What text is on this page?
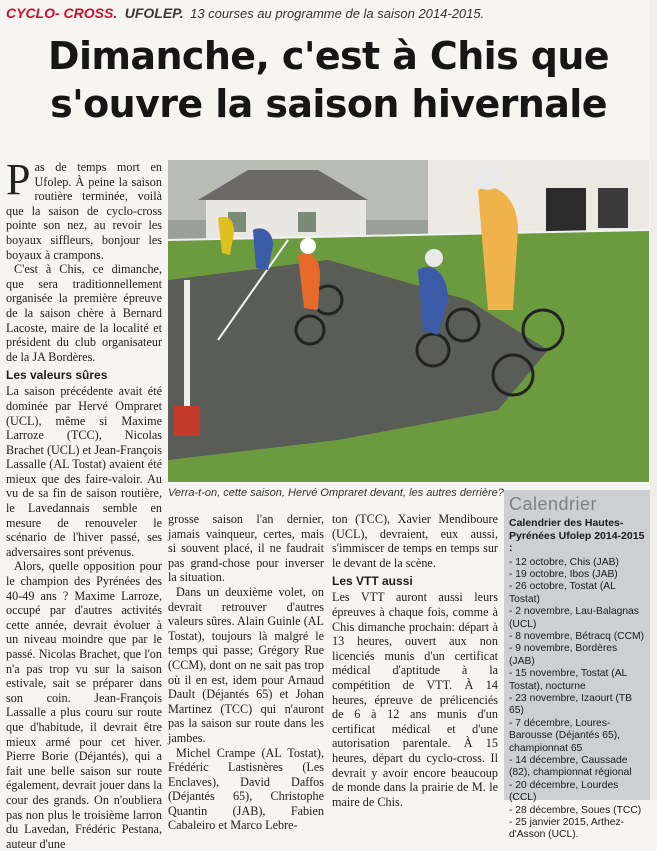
CYCLO- CROSS. UFOLEP. 13 courses au programme de la saison 2014-2015.
Dimanche, c'est à Chis que
s'ouvre la saison hivernale
P as de temps mort en Ufolep. À peine la saison routière terminée, voilà que la saison de cyclo-cross pointe son nez, au revoir les boyaux siffleurs, bonjour les boyaux à crampons.

C'est à Chis, ce dimanche, que sera traditionnellement organisée la première épreuve de la saison chère à Bernard Lacoste, maire de la localité et président du club organisateur de la JA Bordères.

Les valeurs sûres

La saison précédente avait été dominée par Hervé Ompraret (UCL), même si Maxime Larroze (TCC), Nicolas Brachet (UCL) et Jean-François Lassalle (AL Tostat) avaient été mieux que des faire-valoir. Au vu de sa fin de saison routière, le Lavedannais semble en mesure de renouveler le scénario de l'hiver passé, ses adversaires sont prévenus.

Alors, quelle opposition pour le champion des Pyrénées des 40-49 ans ? Maxime Larroze, occupé par d'autres activités cette année, devrait évoluer à un niveau moindre que par le passé. Nicolas Brachet, que l'on n'a pas trop vu sur la saison estivale, sait se préparer dans son coin. Jean-François Lassalle a plus couru sur route que d'habitude, il devrait être mieux armé pour cet hiver. Pierre Borie (Déjantés), qui a fait une belle saison sur route également, devrait jouer dans la cour des grands. On n'oubliera pas non plus le troisième larron du Lavedan, Frédéric Pestana, auteur d'une

Verra-t-on, cette saison, Hervé Ompraret devant, les autres derrière?

grosse saison l'an dernier, jamais vainqueur, certes, mais si souvent placé, il ne faudrait pas grand-chose pour inverser la situation.

Dans un deuxième volet, on devrait retrouver d'autres valeurs sûres. Alain Guinle (AL Tostat), toujours là malgré le temps qui passe; Grégory Rue (CCM), dont on ne sait pas trop où il en est, idem pour Arnaud Dault (Déjantés 65) et Johan Martinez (TCC) qui n'auront pas la saison sur route dans les jambes.

Michel Crampe (AL Tostat), Frédéric Lastisnères (Les Enclaves), David Daffos (Déjantés 65), Christophe Quantin (JAB), Fabien Cabaleiro et Marco Lebre-

ton (TCC), Xavier Mendiboure (UCL), devraient, eux aussi, s'immiscer de temps en temps sur le devant de la scène.

Les VTT aussi

Les VTT auront aussi leurs épreuves à chaque fois, comme à Chis dimanche prochain: départ à 13 heures, ouvert aux non licenciés munis d'un certificat médical d'aptitude à la compétition de VTT. À 14 heures, épreuve de prélicenciés de 6 à 12 ans munis d'un certificat médical et d'une autorisation parentale. À 15 heures, départ du cyclo-cross. Il devrait y avoir encore beaucoup de monde dans la prairie de M. le maire de Chis.

Calendrier
Calendrier des Hautes-Pyrénées Ufolep 2014-2015 :
- 12 octobre, Chis (JAB)
- 19 octobre, Ibos (JAB)
- 26 octobre, Tostat (AL Tostat)
- 2 novembre, Lau-Balagnas (UCL)
- 8 novembre, Bétracq (CCM)
- 9 novembre, Bordères (JAB)
- 15 novembre, Tostat (AL Tostat), nocturne
- 23 novembre, Izaourt (TB 65)
- 7 décembre, Loures-Barousse (Déjantés 65), championnat 65
- 14 décembre, Caussade (82), championnat régional
- 20 décembre, Lourdes (CCL)
- 28 décembre, Soues (TCC)
- 25 janvier 2015, Arthez-d'Asson (UCL).
